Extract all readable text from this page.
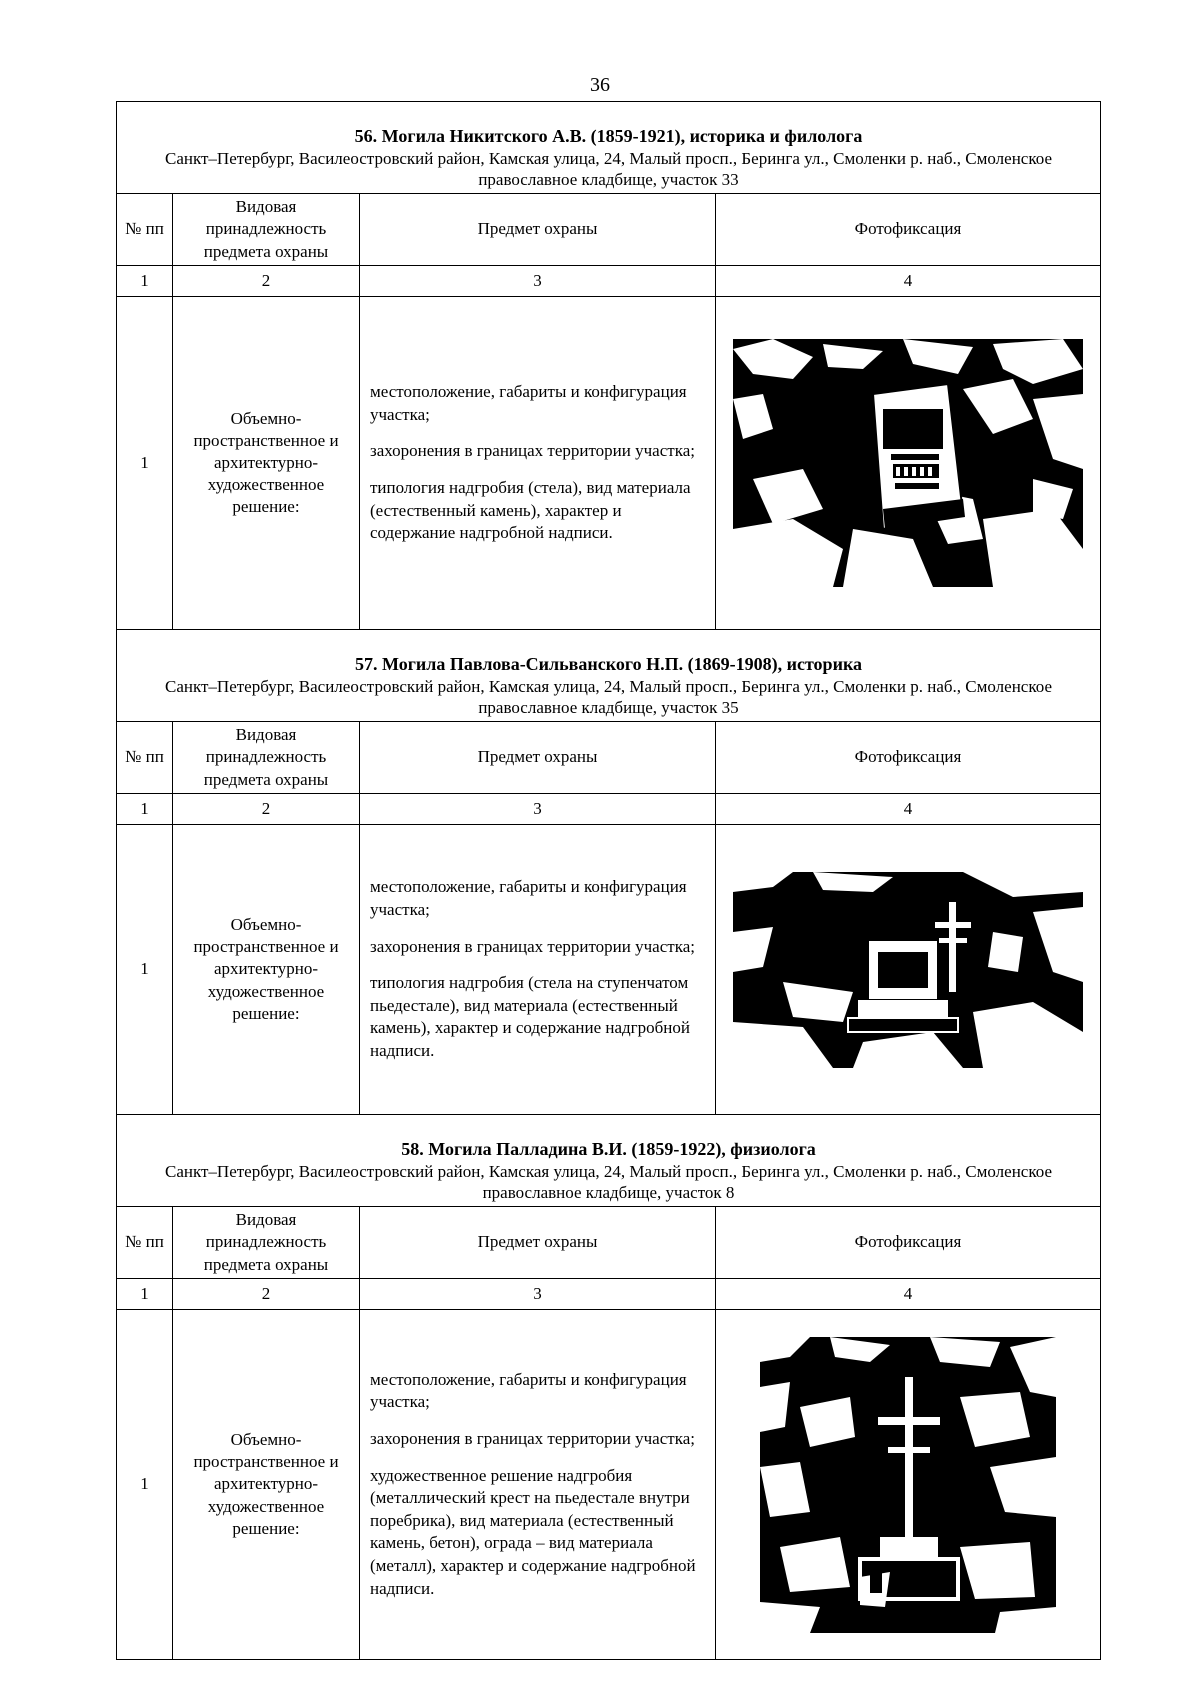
36
56. Могила Никитского А.В. (1859-1921), историка и филолога
Санкт–Петербург, Василеостровский район, Камская улица, 24, Малый просп., Беринга ул., Смоленки р. наб., Смоленское православное кладбище, участок 33			

№ пп	Видовая принадлежность предмета охраны	Предмет охраны	Фотофиксация
1	2	3	4
1	Объемно-пространственное и архитектурно-художественное решение:	местоположение, габариты и конфигурация участка;

захоронения в границах территории участка;

типология надгробия (стела), вид материала (естественный камень), характер и содержание надгробной надписи.

57. Могила Павлова-Сильванского Н.П. (1869-1908), историка
Санкт–Петербург, Василеостровский район, Камская улица, 24, Малый просп., Беринга ул., Смоленки р. наб., Смоленское православное кладбище, участок 35			

№ пп	Видовая принадлежность предмета охраны	Предмет охраны	Фотофиксация
1	2	3	4
1	Объемно-пространственное и архитектурно-художественное решение:	местоположение, габариты и конфигурация участка;

захоронения в границах территории участка;

типология надгробия (стела на ступенчатом пьедестале), вид материала (естественный камень), характер и содержание надгробной надписи.

58. Могила Палладина В.И. (1859-1922), физиолога
Санкт–Петербург, Василеостровский район, Камская улица, 24, Малый просп., Беринга ул., Смоленки р. наб., Смоленское православное кладбище, участок 8			

№ пп	Видовая принадлежность предмета охраны	Предмет охраны	Фотофиксация
1	2	3	4
1	Объемно-пространственное и архитектурно-художественное решение:	местоположение, габариты и конфигурация участка;

захоронения в границах территории участка;

художественное решение надгробия (металлический крест на пьедестале внутри поребрика), вид материала (естественный камень, бетон), ограда – вид материала (металл), характер и содержание надгробной надписи.
